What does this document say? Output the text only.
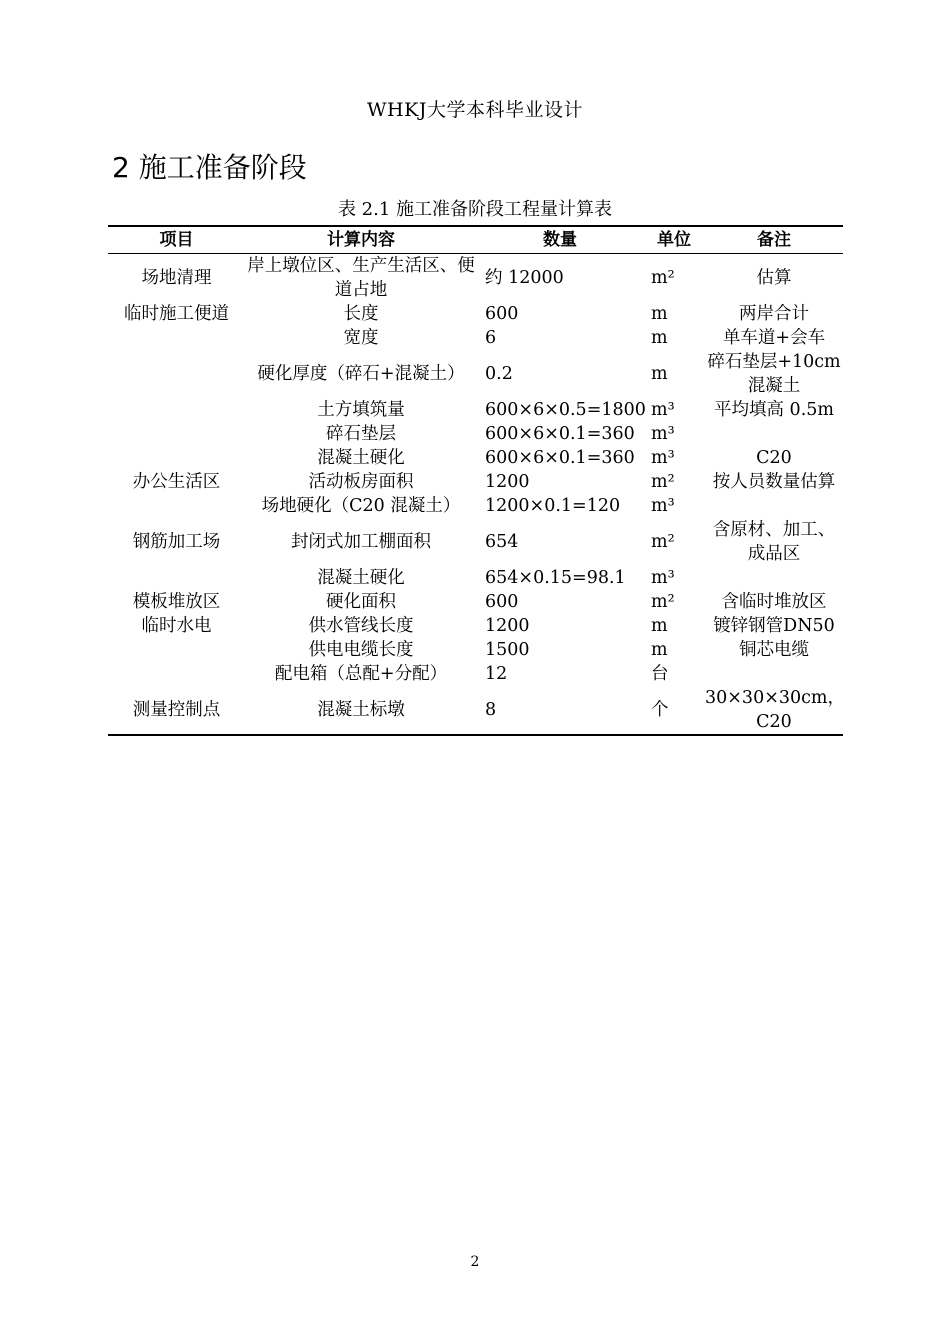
WHKJ大学本科毕业设计
2 施工准备阶段
表 2.1 施工准备阶段工程量计算表
项目	计算内容	数量	单位	备注
场地清理	岸上墩位区、生产生活区、便道占地	约 12000	m²	估算
临时施工便道	长度	600	m	两岸合计
	宽度	6	m	单车道+会车
	硬化厚度（碎石+混凝土）	0.2	m	碎石垫层+10cm混凝土
	土方填筑量	600×6×0.5=1800	m³	平均填高 0.5m
	碎石垫层	600×6×0.1=360	m³	
	混凝土硬化	600×6×0.1=360	m³	C20
办公生活区	活动板房面积	1200	m²	按人员数量估算
	场地硬化（C20 混凝土）	1200×0.1=120	m³	
钢筋加工场	封闭式加工棚面积	654	m²	含原材、加工、成品区
	混凝土硬化	654×0.15=98.1	m³	
模板堆放区	硬化面积	600	m²	含临时堆放区
临时水电	供水管线长度	1200	m	镀锌钢管DN50
	供电电缆长度	1500	m	铜芯电缆
	配电箱（总配+分配）	12	台	
测量控制点	混凝土标墩	8	个	30×30×30cm，C20
2
